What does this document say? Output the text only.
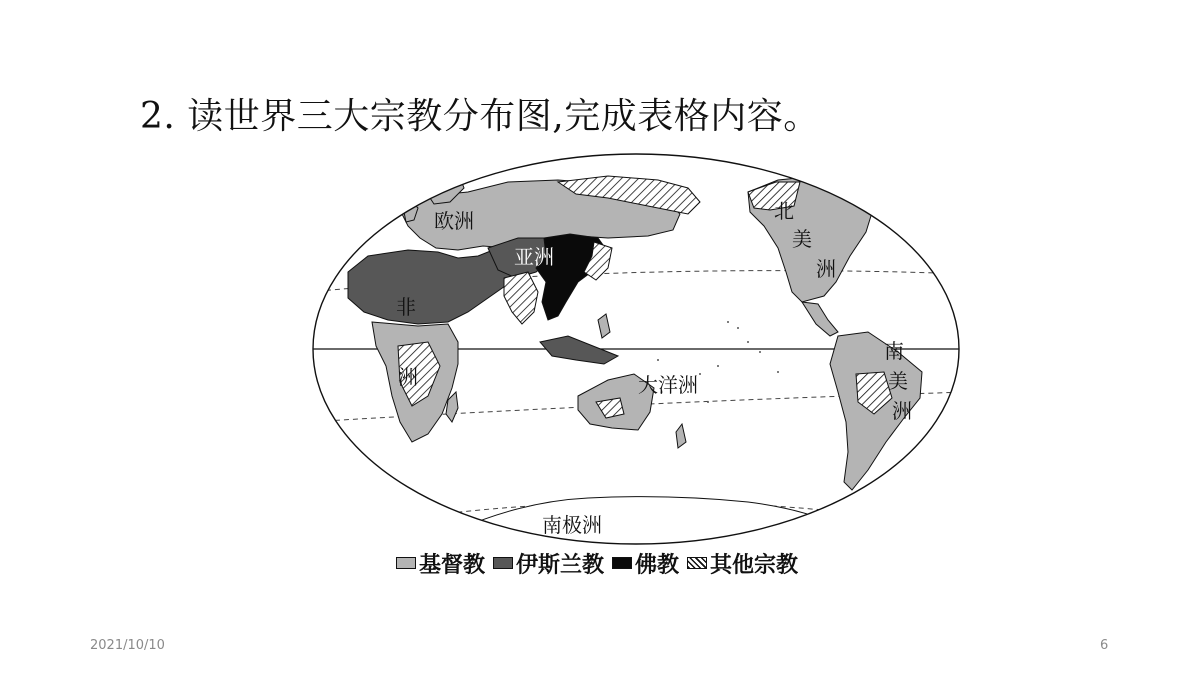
2. 读世界三大宗教分布图,完成表格内容。
欧洲
亚洲
非
洲	大洋洲
北
美
洲
南
美
洲
南极洲
基督教 伊斯兰教 佛教 其他宗教
2021/10/10	6
